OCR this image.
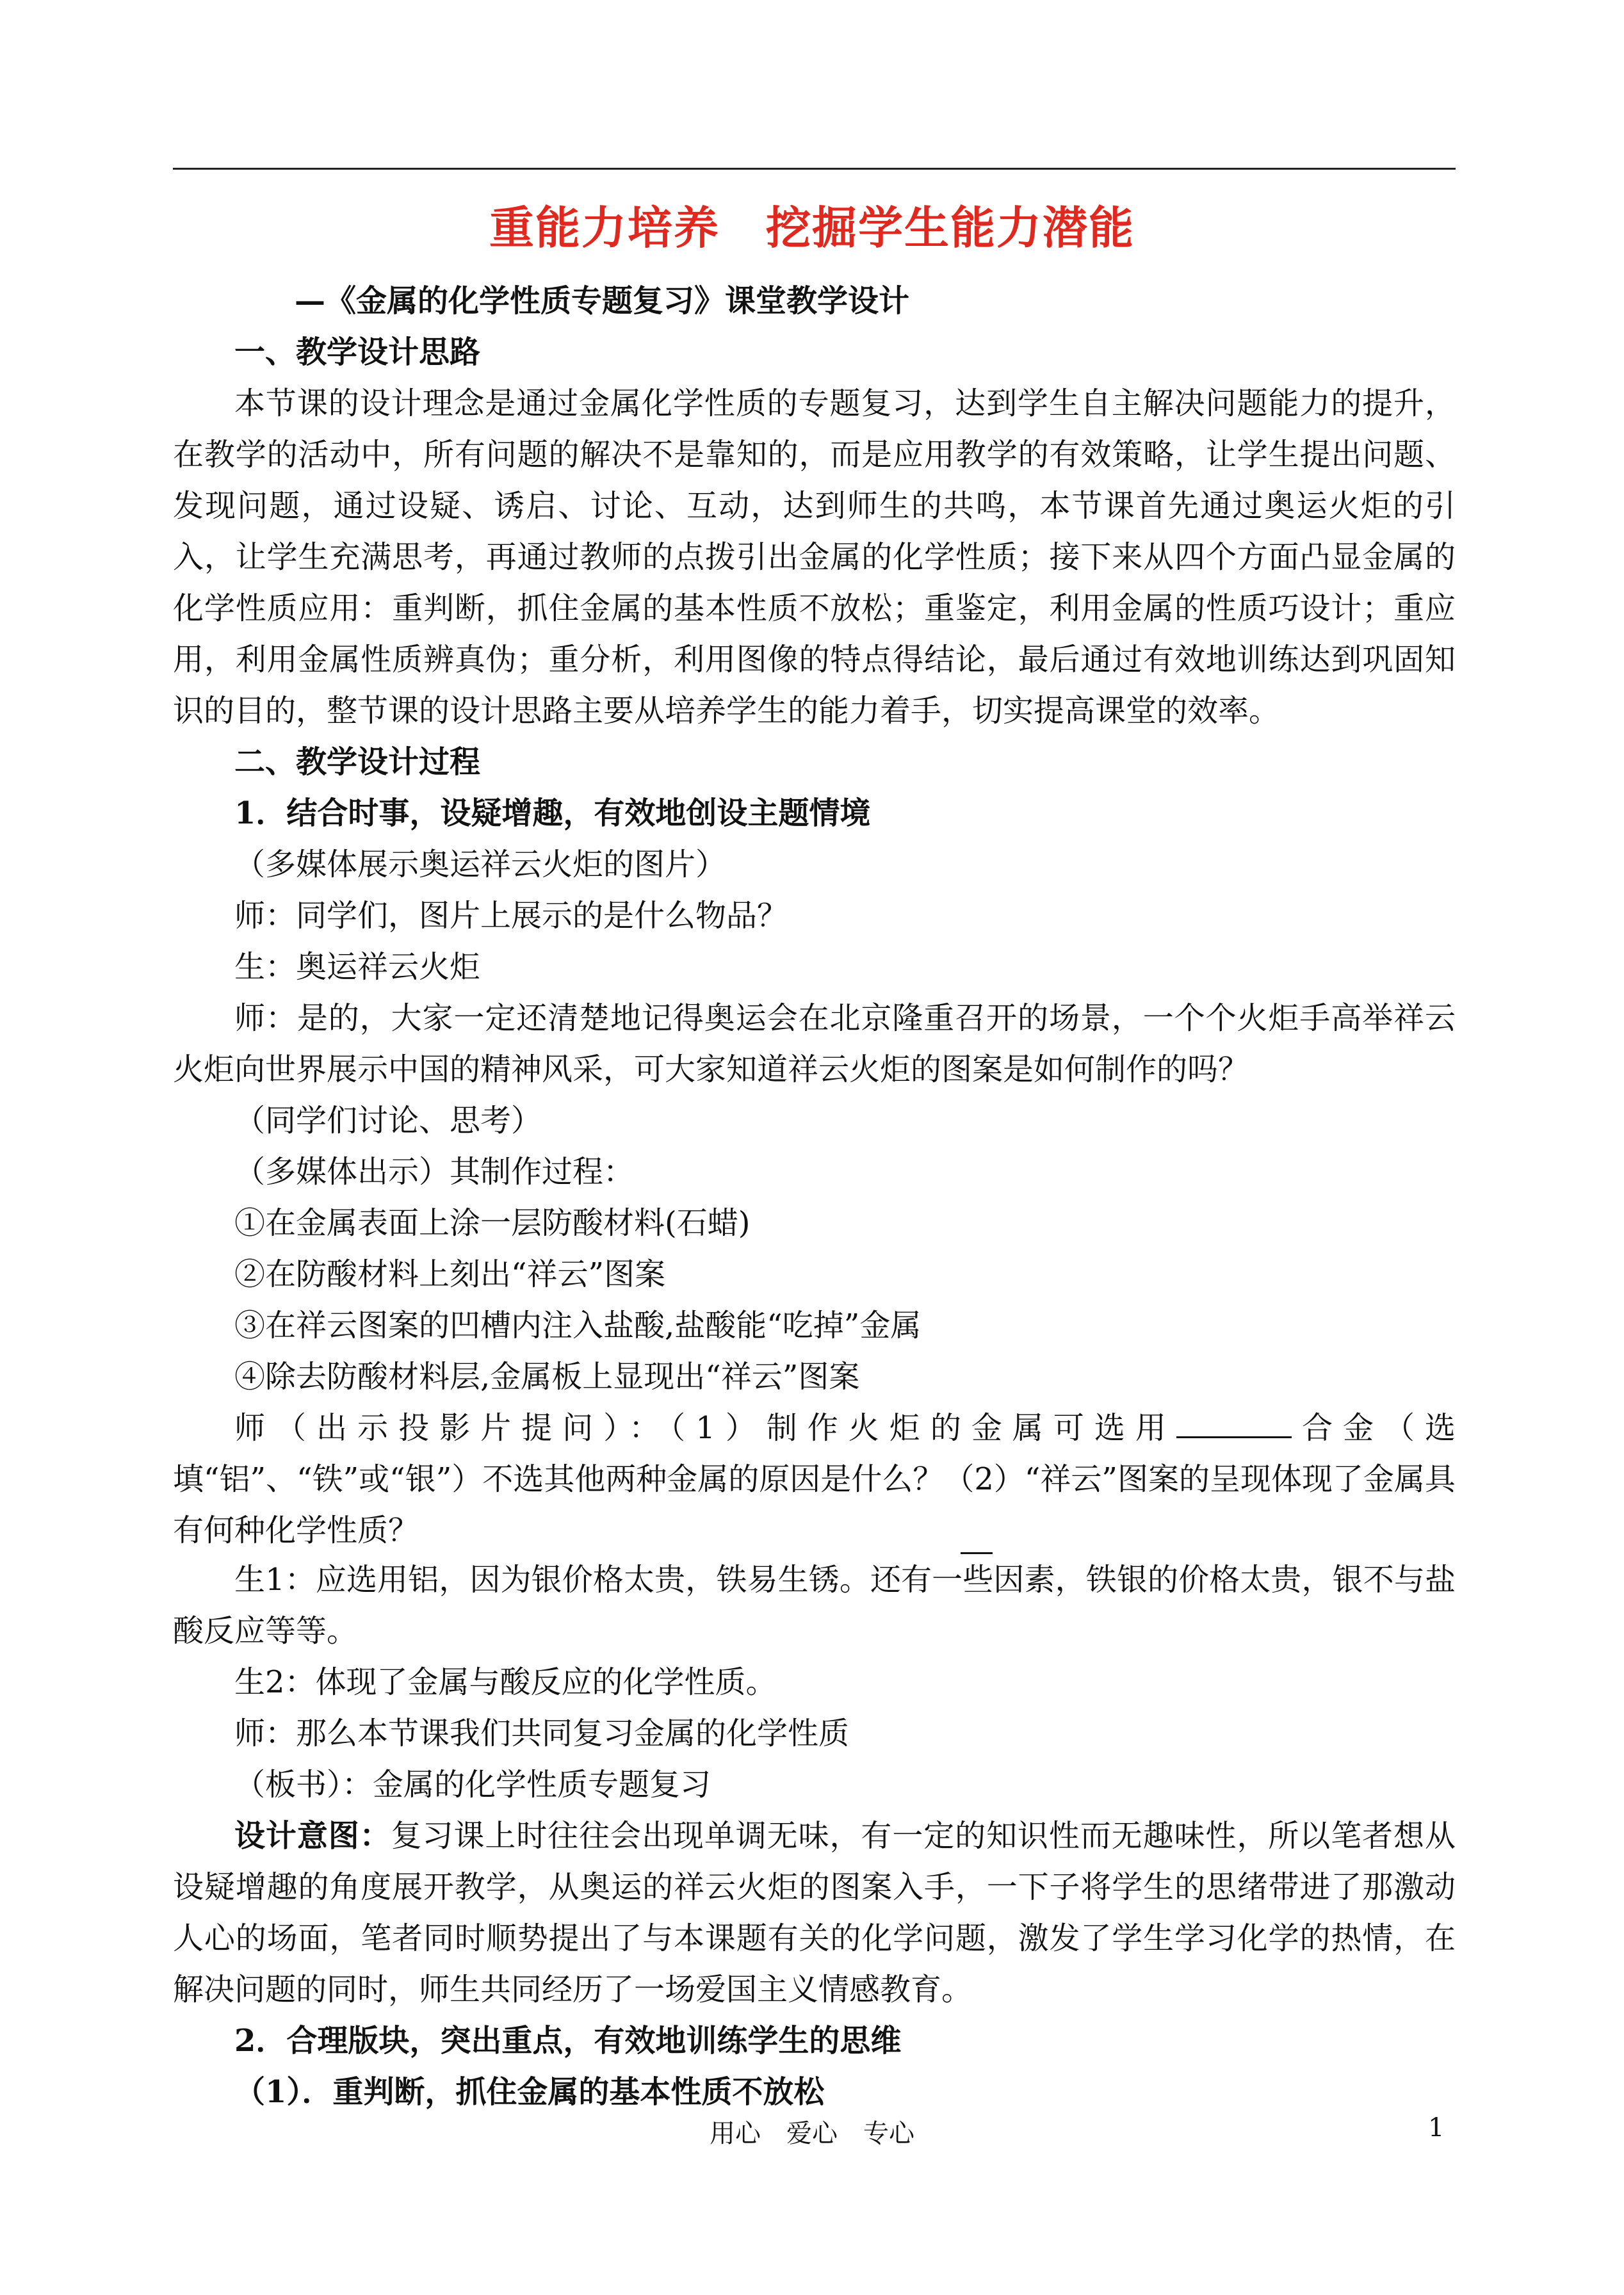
重能力培养　挖掘学生能力潜能

—《金属的化学性质专题复习》课堂教学设计

一、教学设计思路

本节课的设计理念是通过金属化学性质的专题复习，达到学生自主解决问题能力的提升，在教学的活动中，所有问题的解决不是靠知的，而是应用教学的有效策略，让学生提出问题、发现问题，通过设疑、诱启、讨论、互动，达到师生的共鸣，本节课首先通过奥运火炬的引入，让学生充满思考，再通过教师的点拨引出金属的化学性质；接下来从四个方面凸显金属的化学性质应用：重判断，抓住金属的基本性质不放松；重鉴定，利用金属的性质巧设计；重应用，利用金属性质辨真伪；重分析，利用图像的特点得结论，最后通过有效地训练达到巩固知识的目的，整节课的设计思路主要从培养学生的能力着手，切实提高课堂的效率。

二、教学设计过程

1．结合时事，设疑增趣，有效地创设主题情境

（多媒体展示奥运祥云火炬的图片）

师：同学们，图片上展示的是什么物品？

生：奥运祥云火炬

师：是的，大家一定还清楚地记得奥运会在北京隆重召开的场景，一个个火炬手高举祥云火炬向世界展示中国的精神风采，可大家知道祥云火炬的图案是如何制作的吗？

（同学们讨论、思考）

（多媒体出示）其制作过程：

①在金属表面上涂一层防酸材料(石蜡)

②在防酸材料上刻出“祥云”图案

③在祥云图案的凹槽内注入盐酸,盐酸能“吃掉”金属

④除去防酸材料层,金属板上显现出“祥云”图案

师（出示投影片提问）：（1）制作火炬的金属可选用	合金（选填“铝”、“铁”或“银”）不选其他两种金属的原因是什么？（2）“祥云”图案的呈现体现了金属具有何种化学性质？

生1：应选用铝，因为银价格太贵，铁易生锈。还有一些因素，铁银的价格太贵，银不与盐酸反应等等。

生2：体现了金属与酸反应的化学性质。

师：那么本节课我们共同复习金属的化学性质

（板书）：金属的化学性质专题复习

设计意图：复习课上时往往会出现单调无味，有一定的知识性而无趣味性，所以笔者想从设疑增趣的角度展开教学，从奥运的祥云火炬的图案入手，一下子将学生的思绪带进了那激动人心的场面，笔者同时顺势提出了与本课题有关的化学问题，激发了学生学习化学的热情，在解决问题的同时，师生共同经历了一场爱国主义情感教育。

2．合理版块，突出重点，有效地训练学生的思维

（1）．重判断，抓住金属的基本性质不放松

用心　爱心　专心	1
